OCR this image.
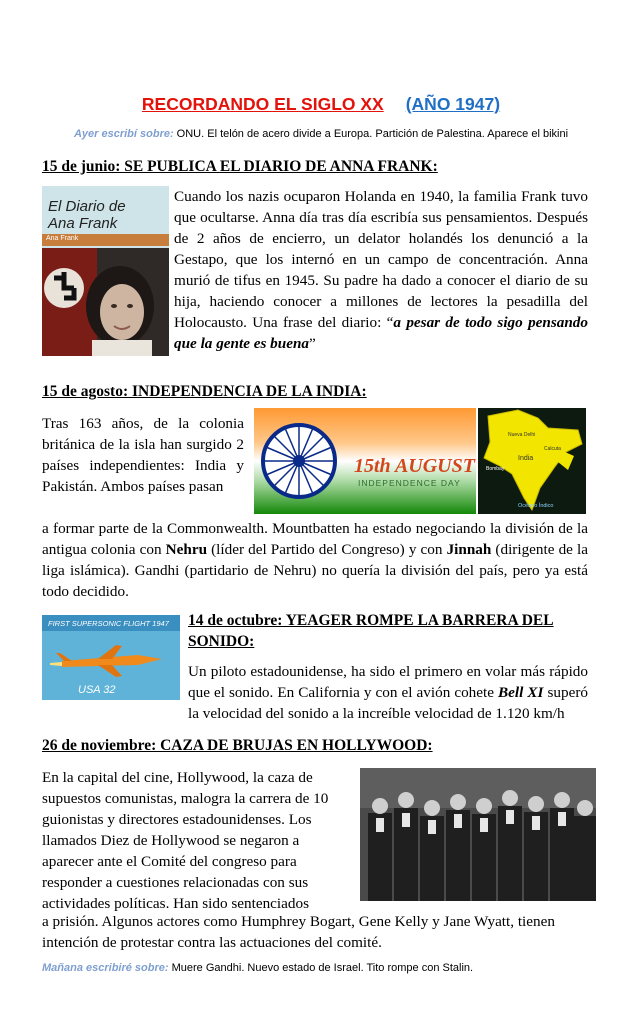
RECORDANDO EL SIGLO XX (AÑO 1947)
Ayer escribí sobre: ONU. El telón de acero divide a Europa. Partición de Palestina. Aparece el bikini
15 de junio: SE PUBLICA EL DIARIO DE ANNA FRANK:
El Diario de
Ana Frank
Ana Frank
Cuando los nazis ocuparon Holanda en 1940, la familia Frank tuvo que ocultarse. Anna día tras día escribía sus pensamientos. Después de 2 años de encierro, un delator holandés los denunció a la Gestapo, que los internó en un campo de concentración. Anna murió de tifus en 1945. Su padre ha dado a conocer el diario de su hija, haciendo conocer a millones de lectores la pesadilla del Holocausto. Una frase del diario: “a pesar de todo sigo pensando que la gente es buena”
15 de agosto: INDEPENDENCIA DE LA INDIA:
Tras 163 años, de la colonia británica de la isla han surgido 2 países independientes: India y Pakistán. Ambos países pasan
15th AUGUST
INDEPENDENCE DAY
India
Océano Índico
Nueva Delhi
Bombay
Calcuta
a formar parte de la Commonwealth. Mountbatten ha estado negociando la división de la antigua colonia con Nehru (líder del Partido del Congreso) y con Jinnah (dirigente de la liga islámica). Gandhi (partidario de Nehru) no quería la división del país, pero ya está todo decidido.
FIRST SUPERSONIC FLIGHT 1947
USA 32
14 de octubre: YEAGER ROMPE LA BARRERA DEL
SONIDO:
Un piloto estadounidense, ha sido el primero en volar más rápido que el sonido. En California y con el avión cohete Bell XI superó la velocidad del sonido a la increíble velocidad de 1.120 km/h
26 de noviembre: CAZA DE BRUJAS EN HOLLYWOOD:
En la capital del cine, Hollywood, la caza de supuestos comunistas, malogra la carrera de 10 guionistas y directores estadounidenses. Los llamados Diez de Hollywood se negaron a aparecer ante el Comité del congreso para responder a cuestiones relacionadas con sus actividades políticas. Han sido sentenciados
a prisión. Algunos actores como Humphrey Bogart, Gene Kelly y Jane Wyatt, tienen intención de protestar contra las actuaciones del comité.
Mañana escribiré sobre: Muere Gandhi. Nuevo estado de Israel. Tito rompe con Stalin.
